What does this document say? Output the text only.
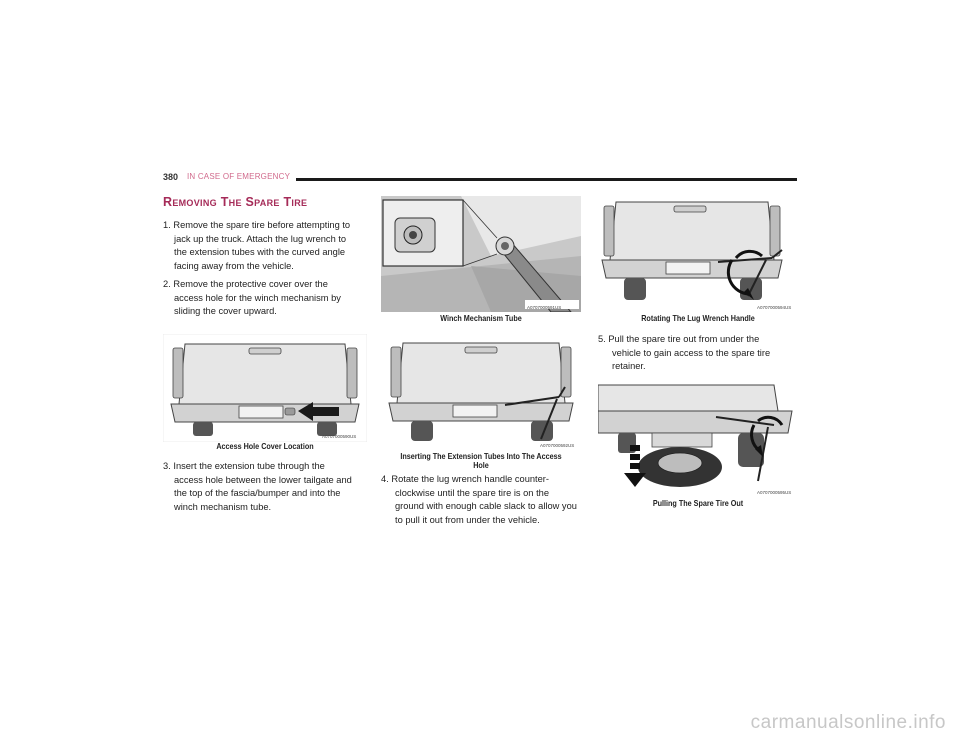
380 IN CASE OF EMERGENCY
Removing The Spare Tire
1. Remove the spare tire before attempting to
jack up the truck. Attach the lug wrench to
the extension tubes with the curved angle
facing away from the vehicle.
2. Remove the protective cover over the
access hole for the winch mechanism by
sliding the cover upward.
A0707000590US
Access Hole Cover Location
3. Insert the extension tube through the
access hole between the lower tailgate and
the top of the fascia/bumper and into the
winch mechanism tube.
A0707000591US
Winch Mechanism Tube
A0707000592US
Inserting The Extension Tubes Into The Access Hole
4. Rotate the lug wrench handle counter-
clockwise until the spare tire is on the
ground with enough cable slack to allow you
to pull it out from under the vehicle.
A0707000594US
Rotating The Lug Wrench Handle
5. Pull the spare tire out from under the
vehicle to gain access to the spare tire
retainer.
A0707000595US
Pulling The Spare Tire Out
carmanualsonline.info
